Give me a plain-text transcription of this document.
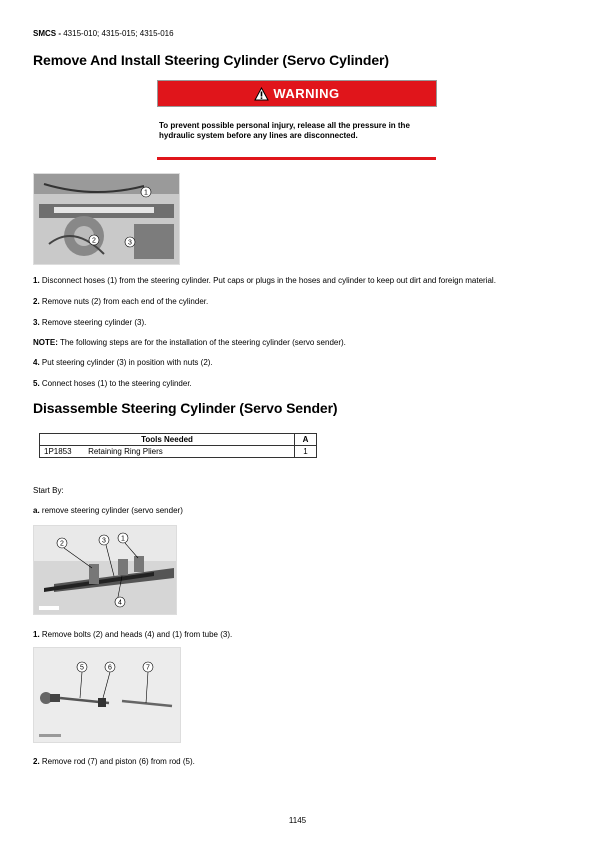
SMCS - 4315-010; 4315-015; 4315-016
Remove And Install Steering Cylinder (Servo Cylinder)
WARNING
To prevent possible personal injury, release all the pressure in the hydraulic system before any lines are disconnected.
1
2	3
1. Disconnect hoses (1) from the steering cylinder. Put caps or plugs in the hoses and cylinder to keep out dirt and foreign material.
2. Remove nuts (2) from each end of the cylinder.
3. Remove steering cylinder (3).
NOTE: The following steps are for the installation of the steering cylinder (servo sender).
4. Put steering cylinder (3) in position with nuts (2).
5. Connect hoses (1) to the steering cylinder.
Disassemble Steering Cylinder (Servo Sender)
Tools Needed	A
1P1853 Retaining Ring Pliers	1
Start By:
a. remove steering cylinder (servo sender)
2	3 1
4
1. Remove bolts (2) and heads (4) and (1) from tube (3).
5	6	7
2. Remove rod (7) and piston (6) from rod (5).
1145
